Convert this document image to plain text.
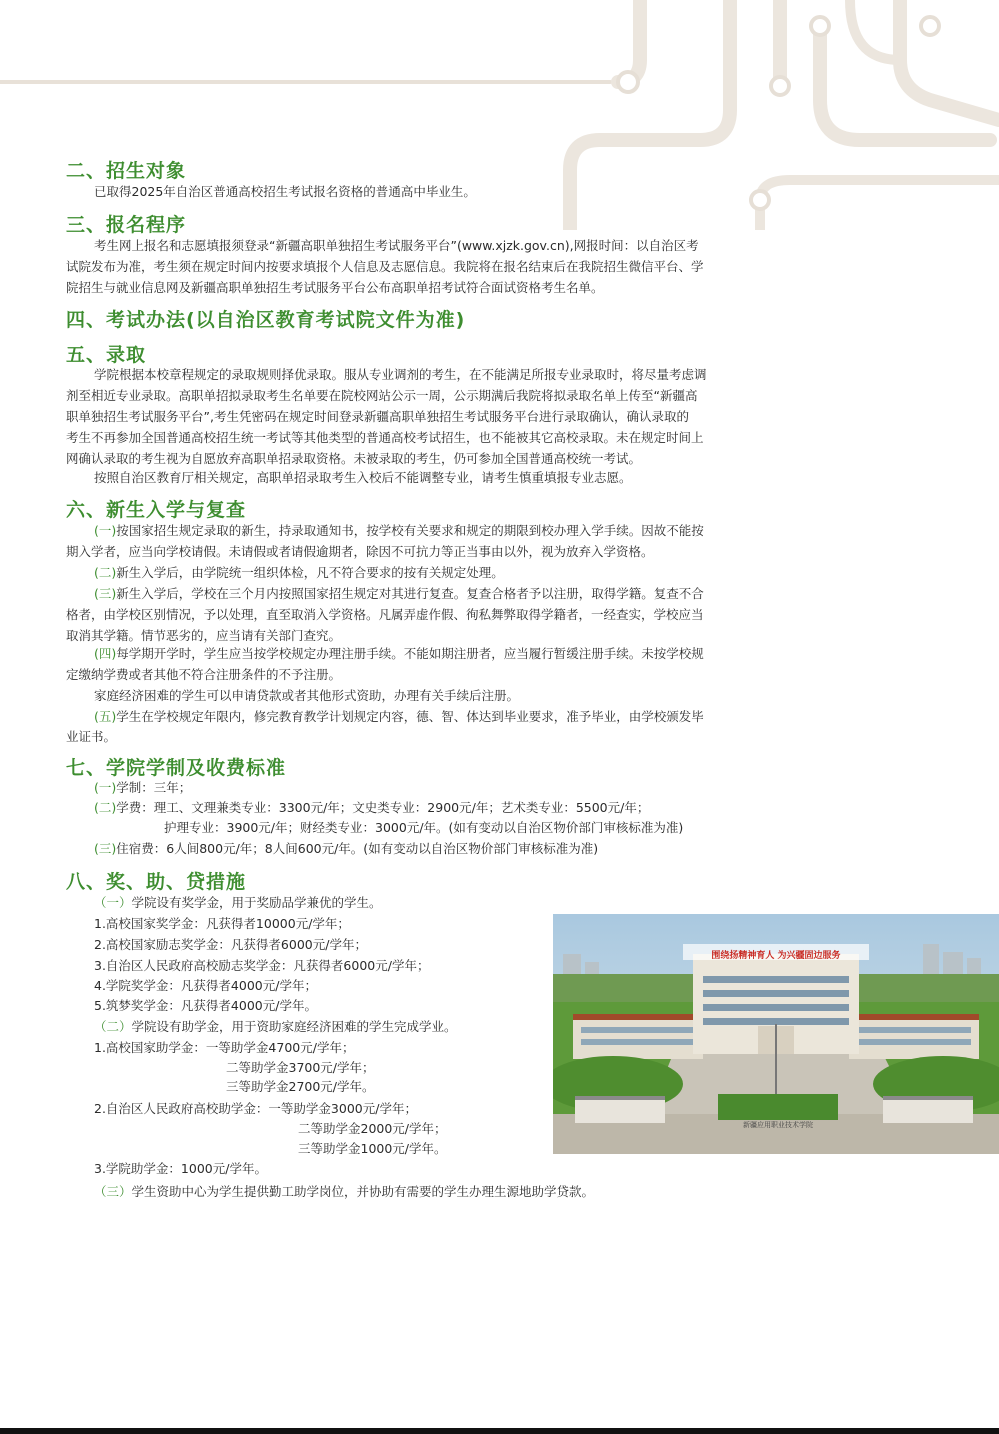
二、招生对象

已取得2025年自治区普通高校招生考试报名资格的普通高中毕业生。

三、报名程序

考生网上报名和志愿填报须登录“新疆高职单独招生考试服务平台”(www.xjzk.gov.cn),网报时间：以自治区考

试院发布为准，考生须在规定时间内按要求填报个人信息及志愿信息。我院将在报名结束后在我院招生微信平台、学

院招生与就业信息网及新疆高职单独招生考试服务平台公布高职单招考试符合面试资格考生名单。

四、考试办法(以自治区教育考试院文件为准)
五、录取

学院根据本校章程规定的录取规则择优录取。服从专业调剂的考生，在不能满足所报专业录取时，将尽量考虑调

剂至相近专业录取。高职单招拟录取考生名单要在院校网站公示一周，公示期满后我院将拟录取名单上传至“新疆高

职单独招生考试服务平台”,考生凭密码在规定时间登录新疆高职单独招生考试服务平台进行录取确认，确认录取的

考生不再参加全国普通高校招生统一考试等其他类型的普通高校考试招生，也不能被其它高校录取。未在规定时间上

网确认录取的考生视为自愿放弃高职单招录取资格。未被录取的考生，仍可参加全国普通高校统一考试。

按照自治区教育厅相关规定，高职单招录取考生入校后不能调整专业，请考生慎重填报专业志愿。

六、新生入学与复查

(一)按国家招生规定录取的新生，持录取通知书，按学校有关要求和规定的期限到校办理入学手续。因故不能按

期入学者，应当向学校请假。未请假或者请假逾期者，除因不可抗力等正当事由以外，视为放弃入学资格。

(二)新生入学后，由学院统一组织体检，凡不符合要求的按有关规定处理。

(三)新生入学后，学校在三个月内按照国家招生规定对其进行复查。复查合格者予以注册，取得学籍。复查不合

格者，由学校区别情况，予以处理，直至取消入学资格。凡属弄虚作假、徇私舞弊取得学籍者，一经查实，学校应当

取消其学籍。情节恶劣的，应当请有关部门查究。

(四)每学期开学时，学生应当按学校规定办理注册手续。不能如期注册者，应当履行暂缓注册手续。未按学校规

定缴纳学费或者其他不符合注册条件的不予注册。

家庭经济困难的学生可以申请贷款或者其他形式资助，办理有关手续后注册。

(五)学生在学校规定年限内，修完教育教学计划规定内容，德、智、体达到毕业要求，准予毕业，由学校颁发毕

业证书。

七、学院学制及收费标准

(一)学制：三年；

(二)学费：理工、文理兼类专业：3300元/年；文史类专业：2900元/年；艺术类专业：5500元/年；

护理专业：3900元/年；财经类专业：3000元/年。(如有变动以自治区物价部门审核标准为准)

(三)住宿费：6人间800元/年；8人间600元/年。(如有变动以自治区物价部门审核标准为准)

八、奖、助、贷措施

（一）学院设有奖学金，用于奖励品学兼优的学生。

1.高校国家奖学金：凡获得者10000元/学年；

2.高校国家励志奖学金：凡获得者6000元/学年；

3.自治区人民政府高校励志奖学金：凡获得者6000元/学年；

4.学院奖学金：凡获得者4000元/学年；

5.筑梦奖学金：凡获得者4000元/学年。

（二）学院设有助学金，用于资助家庭经济困难的学生完成学业。

1.高校国家助学金：一等助学金4700元/学年；

二等助学金3700元/学年；

三等助学金2700元/学年。

2.自治区人民政府高校助学金：一等助学金3000元/学年；

二等助学金2000元/学年；

三等助学金1000元/学年。

3.学院助学金：1000元/学年。

（三）学生资助中心为学生提供勤工助学岗位，并协助有需要的学生办理生源地助学贷款。

围绕扬精神育人 为兴疆固边服务
新疆应用职业技术学院
